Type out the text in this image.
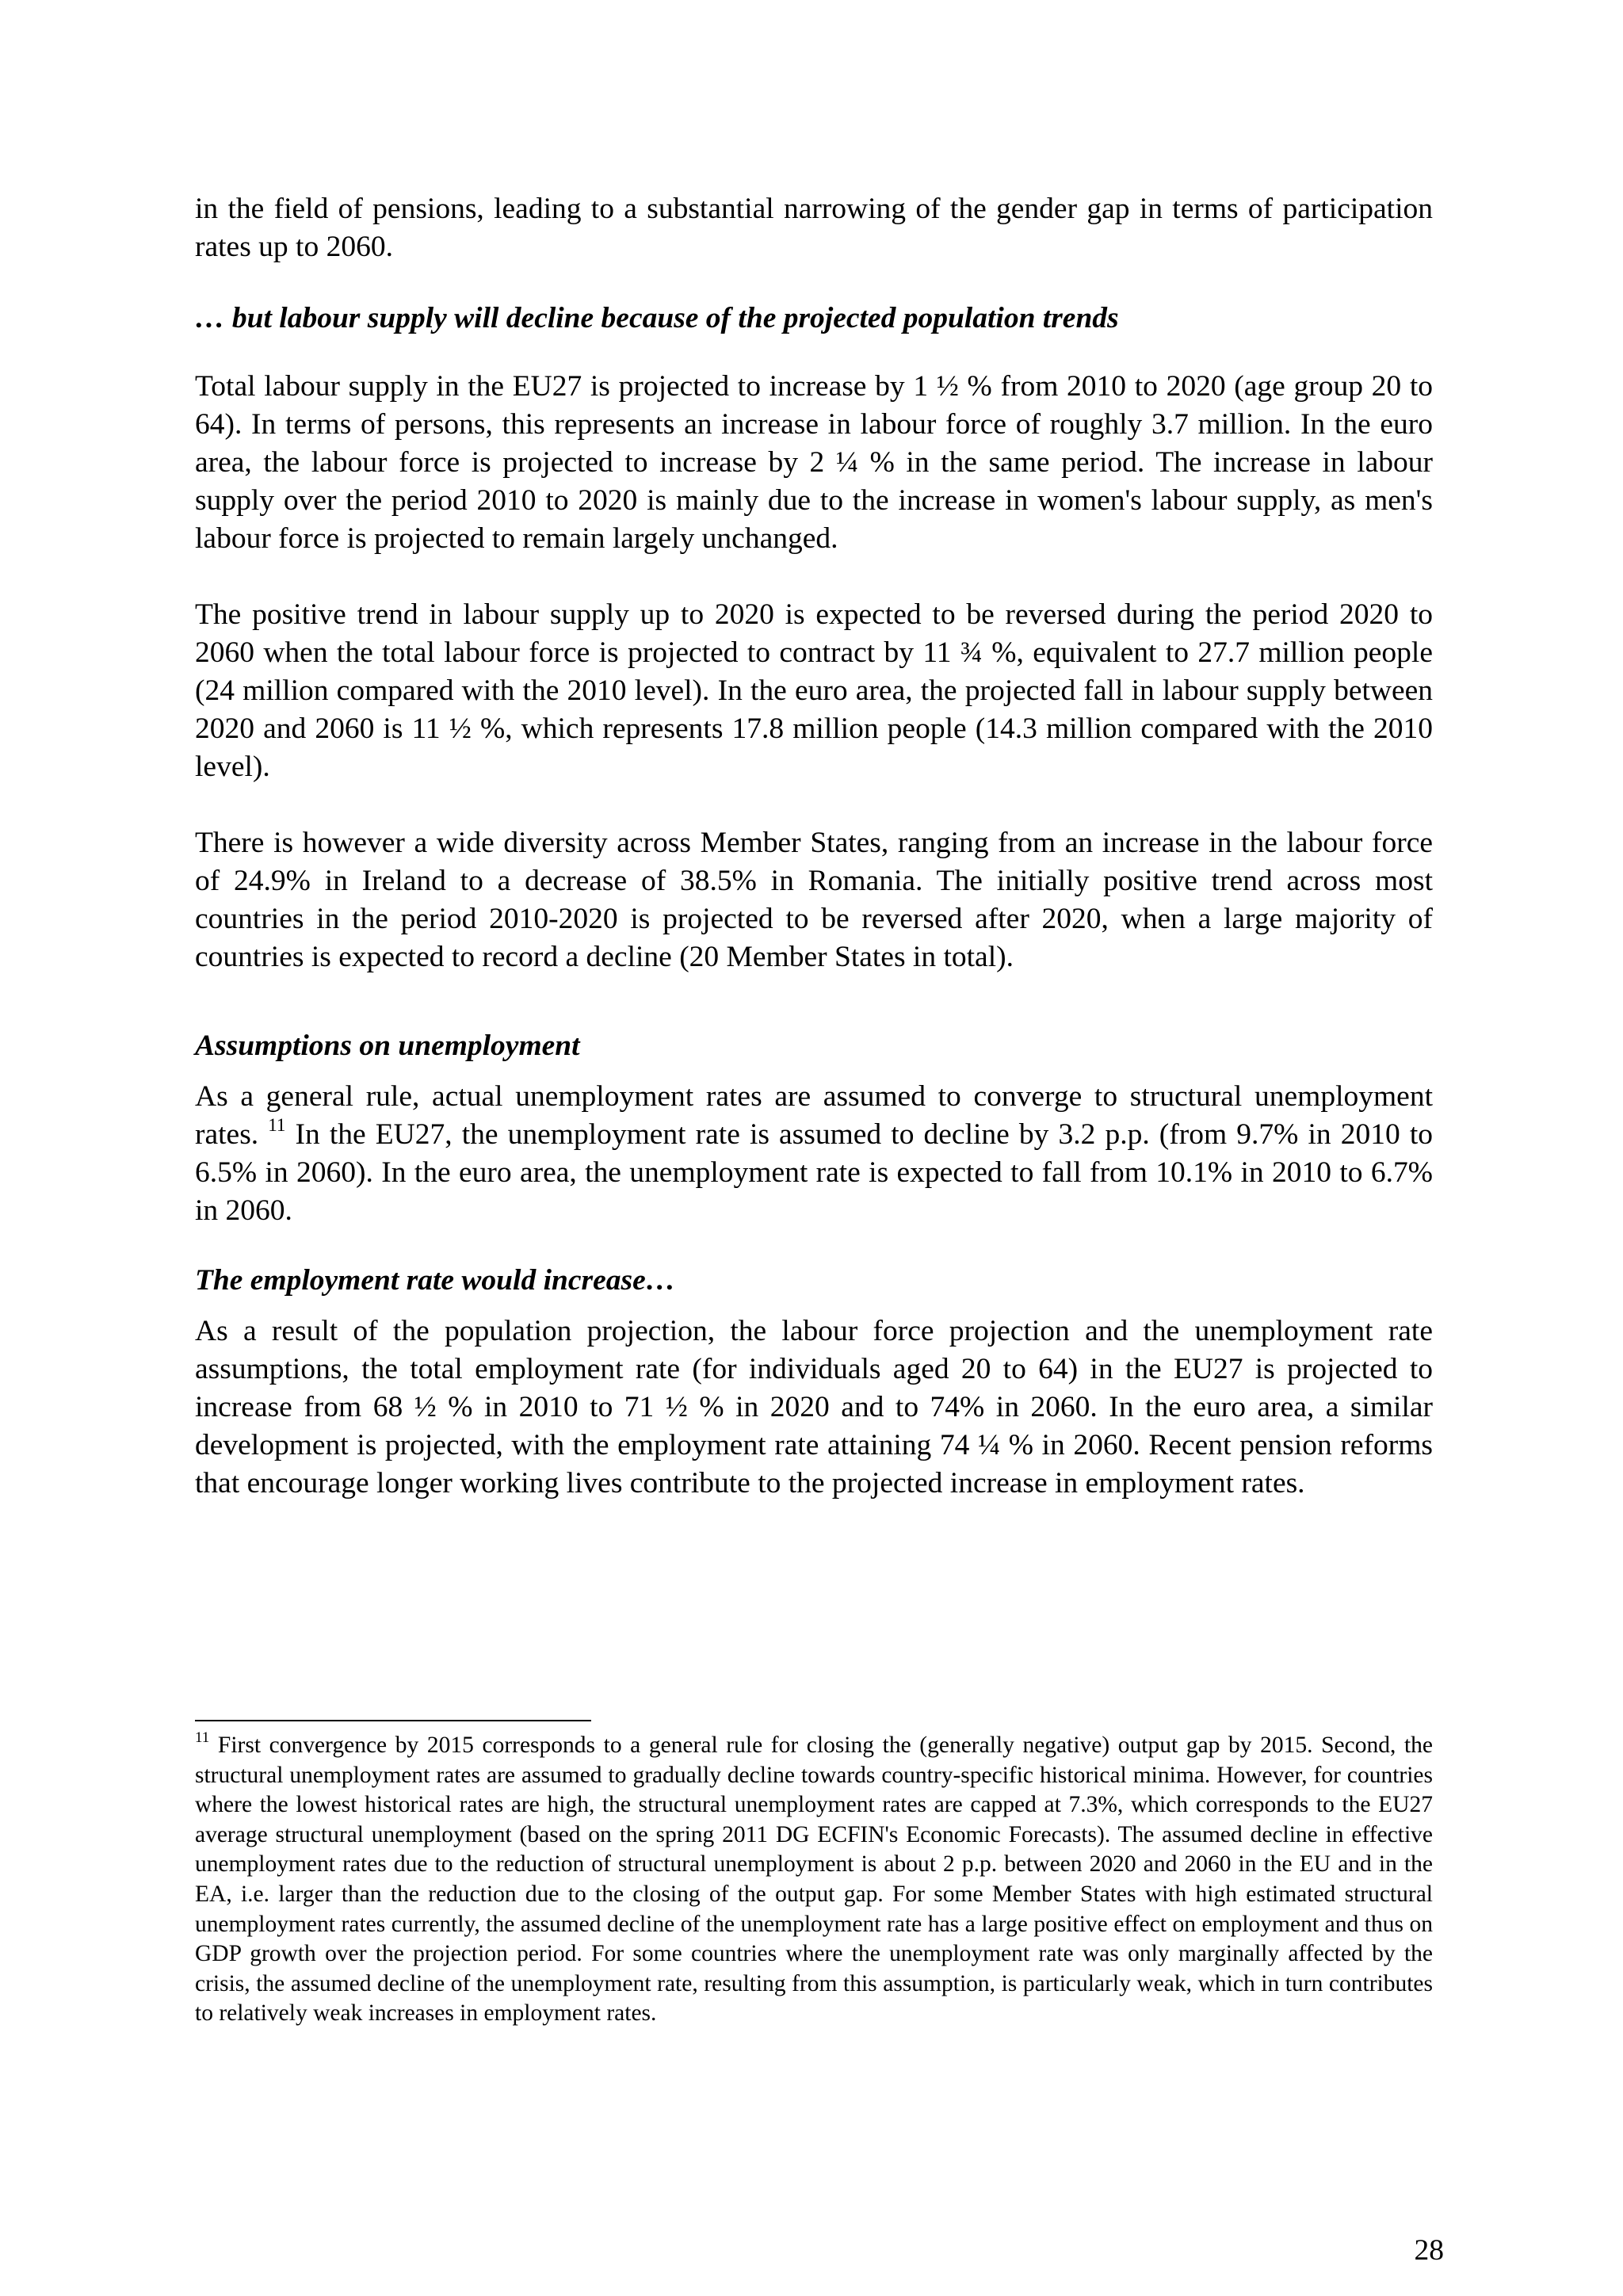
in the field of pensions, leading to a substantial narrowing of the gender gap in terms of participation rates up to 2060.

… but labour supply will decline because of the projected population trends

Total labour supply in the EU27 is projected to increase by 1 ½ % from 2010 to 2020 (age group 20 to 64). In terms of persons, this represents an increase in labour force of roughly 3.7 million. In the euro area, the labour force is projected to increase by 2 ¼ % in the same period. The increase in labour supply over the period 2010 to 2020 is mainly due to the increase in women's labour supply, as men's labour force is projected to remain largely unchanged.

The positive trend in labour supply up to 2020 is expected to be reversed during the period 2020 to 2060 when the total labour force is projected to contract by 11 ¾ %, equivalent to 27.7 million people (24 million compared with the 2010 level). In the euro area, the projected fall in labour supply between 2020 and 2060 is 11 ½ %, which represents 17.8 million people (14.3 million compared with the 2010 level).

There is however a wide diversity across Member States, ranging from an increase in the labour force of 24.9% in Ireland to a decrease of 38.5% in Romania. The initially positive trend across most countries in the period 2010-2020 is projected to be reversed after 2020, when a large majority of countries is expected to record a decline (20 Member States in total).

Assumptions on unemployment

As a general rule, actual unemployment rates are assumed to converge to structural unemployment rates. $^{11}$ In the EU27, the unemployment rate is assumed to decline by 3.2 p.p. (from 9.7% in 2010 to 6.5% in 2060). In the euro area, the unemployment rate is expected to fall from 10.1% in 2010 to 6.7% in 2060.

The employment rate would increase…

As a result of the population projection, the labour force projection and the unemployment rate assumptions, the total employment rate (for individuals aged 20 to 64) in the EU27 is projected to increase from 68 ½ % in 2010 to 71 ½ % in 2020 and to 74% in 2060. In the euro area, a similar development is projected, with the employment rate attaining 74 ¼ % in 2060. Recent pension reforms that encourage longer working lives contribute to the projected increase in employment rates.

$^{11}$ First convergence by 2015 corresponds to a general rule for closing the (generally negative) output gap by 2015. Second, the structural unemployment rates are assumed to gradually decline towards country-specific historical minima. However, for countries where the lowest historical rates are high, the structural unemployment rates are capped at 7.3%, which corresponds to the EU27 average structural unemployment (based on the spring 2011 DG ECFIN's Economic Forecasts). The assumed decline in effective unemployment rates due to the reduction of structural unemployment is about 2 p.p. between 2020 and 2060 in the EU and in the EA, i.e. larger than the reduction due to the closing of the output gap. For some Member States with high estimated structural unemployment rates currently, the assumed decline of the unemployment rate has a large positive effect on employment and thus on GDP growth over the projection period. For some countries where the unemployment rate was only marginally affected by the crisis, the assumed decline of the unemployment rate, resulting from this assumption, is particularly weak, which in turn contributes to relatively weak increases in employment rates.

28
